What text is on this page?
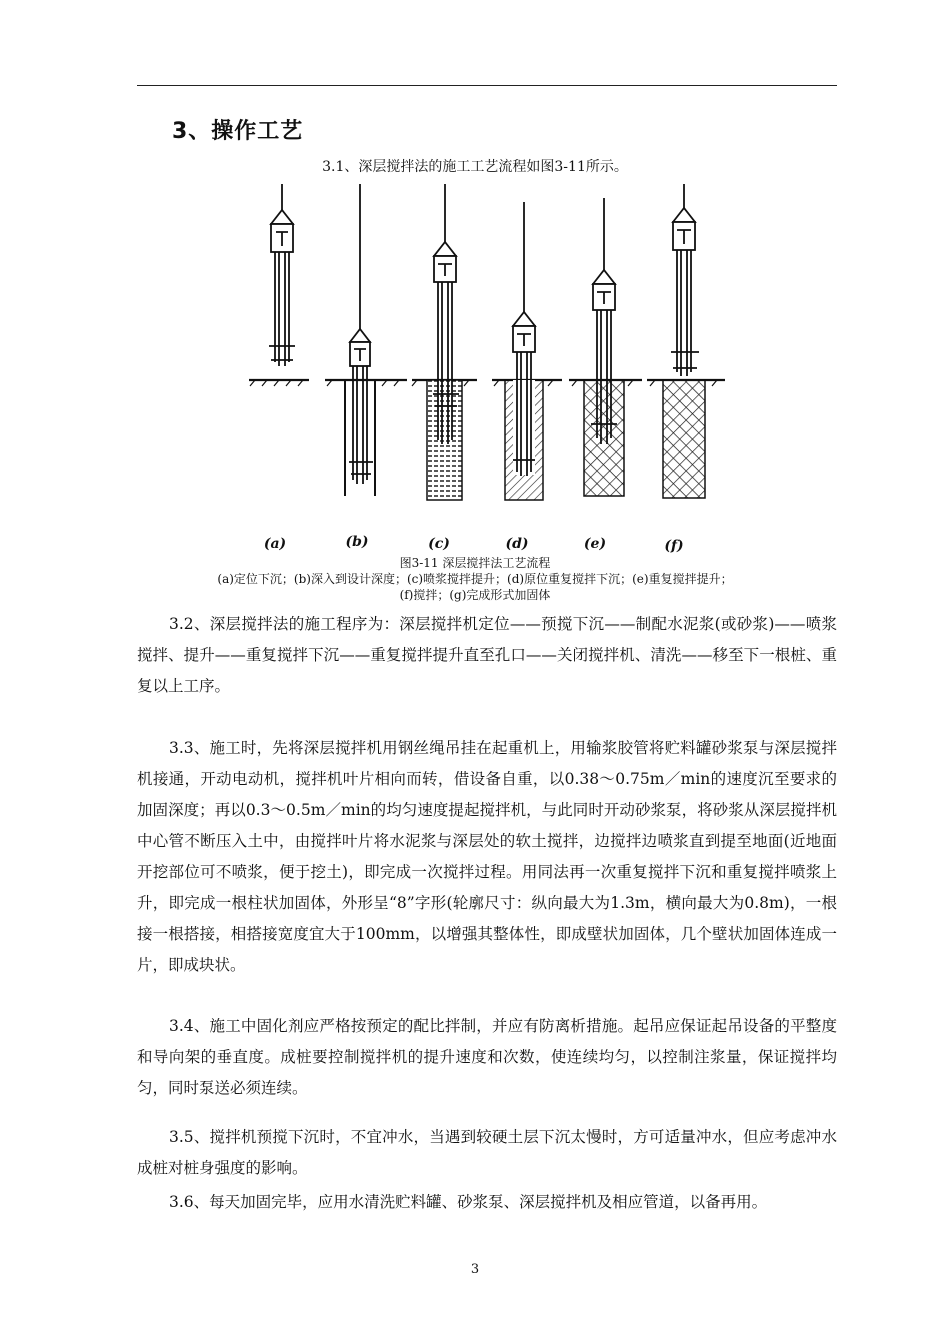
3、操作工艺
3.1、深层搅拌法的施工工艺流程如图3-11所示。
(a)	(b)	(c)	(d)	(e)	(f)
图3-11 深层搅拌法工艺流程
(a)定位下沉；(b)深入到设计深度；(c)喷浆搅拌提升；(d)原位重复搅拌下沉；(e)重复搅拌提升；
(f)搅拌；(g)完成形式加固体

3.2、深层搅拌法的施工程序为：深层搅拌机定位——预搅下沉——制配水泥浆(或砂浆)——喷浆搅拌、提升——重复搅拌下沉——重复搅拌提升直至孔口——关闭搅拌机、清洗——移至下一根桩、重复以上工序。

3.3、施工时，先将深层搅拌机用钢丝绳吊挂在起重机上，用输浆胶管将贮料罐砂浆泵与深层搅拌机接通，开动电动机，搅拌机叶片相向而转，借设备自重，以0.38～0.75m／min的速度沉至要求的加固深度；再以0.3～0.5m／min的均匀速度提起搅拌机，与此同时开动砂浆泵，将砂浆从深层搅拌机中心管不断压入土中，由搅拌叶片将水泥浆与深层处的软土搅拌，边搅拌边喷浆直到提至地面(近地面开挖部位可不喷浆，便于挖土)，即完成一次搅拌过程。用同法再一次重复搅拌下沉和重复搅拌喷浆上升，即完成一根柱状加固体，外形呈“8”字形(轮廓尺寸：纵向最大为1.3m，横向最大为0.8m)，一根接一根搭接，相搭接宽度宜大于100mm，以增强其整体性，即成壁状加固体，几个壁状加固体连成一片，即成块状。

3.4、施工中固化剂应严格按预定的配比拌制，并应有防离析措施。起吊应保证起吊设备的平整度和导向架的垂直度。成桩要控制搅拌机的提升速度和次数，使连续均匀，以控制注浆量，保证搅拌均匀，同时泵送必须连续。

3.5、搅拌机预搅下沉时，不宜冲水，当遇到较硬土层下沉太慢时，方可适量冲水，但应考虑冲水成桩对桩身强度的影响。

3.6、每天加固完毕，应用水清洗贮料罐、砂浆泵、深层搅拌机及相应管道，以备再用。

3
